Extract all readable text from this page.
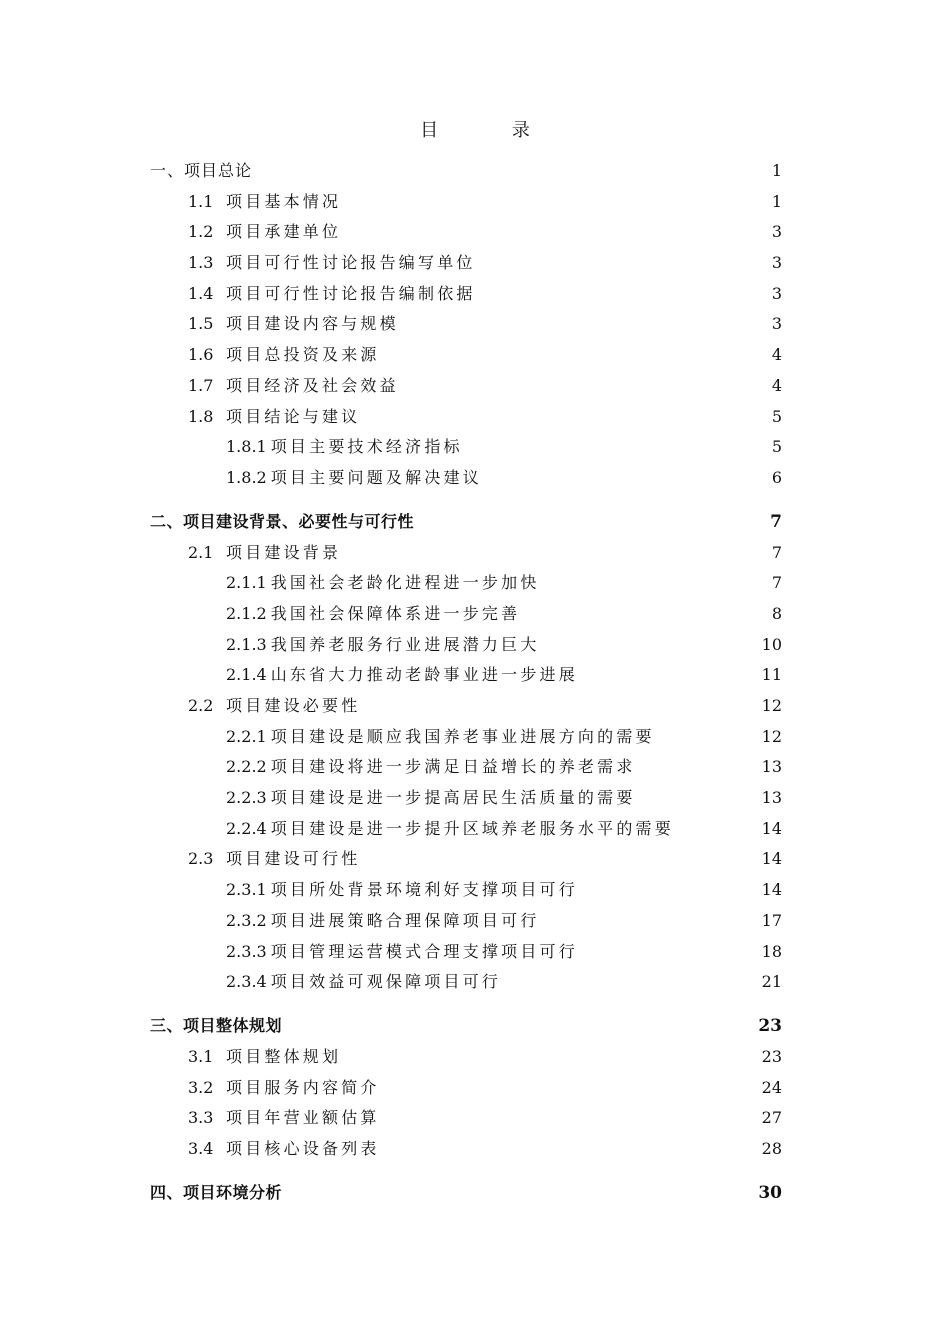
目 录
一、项目总论	1
1.1 项目基本情况	1
1.2 项目承建单位	3
1.3 项目可行性讨论报告编写单位	3
1.4 项目可行性讨论报告编制依据	3
1.5 项目建设内容与规模	3
1.6 项目总投资及来源	4
1.7 项目经济及社会效益	4
1.8 项目结论与建议	5
1.8.1 项目主要技术经济指标	5
1.8.2 项目主要问题及解决建议	6
二、项目建设背景、必要性与可行性	7
2.1 项目建设背景	7
2.1.1 我国社会老龄化进程进一步加快	7
2.1.2 我国社会保障体系进一步完善	8
2.1.3 我国养老服务行业进展潜力巨大	10
2.1.4 山东省大力推动老龄事业进一步进展	11
2.2 项目建设必要性	12
2.2.1 项目建设是顺应我国养老事业进展方向的需要	12
2.2.2 项目建设将进一步满足日益增长的养老需求	13
2.2.3 项目建设是进一步提高居民生活质量的需要	13
2.2.4 项目建设是进一步提升区域养老服务水平的需要	14
2.3 项目建设可行性	14
2.3.1 项目所处背景环境利好支撑项目可行	14
2.3.2 项目进展策略合理保障项目可行	17
2.3.3 项目管理运营模式合理支撑项目可行	18
2.3.4 项目效益可观保障项目可行	21
三、项目整体规划	23
3.1 项目整体规划	23
3.2 项目服务内容简介	24
3.3 项目年营业额估算	27
3.4 项目核心设备列表	28
四、项目环境分析	30
